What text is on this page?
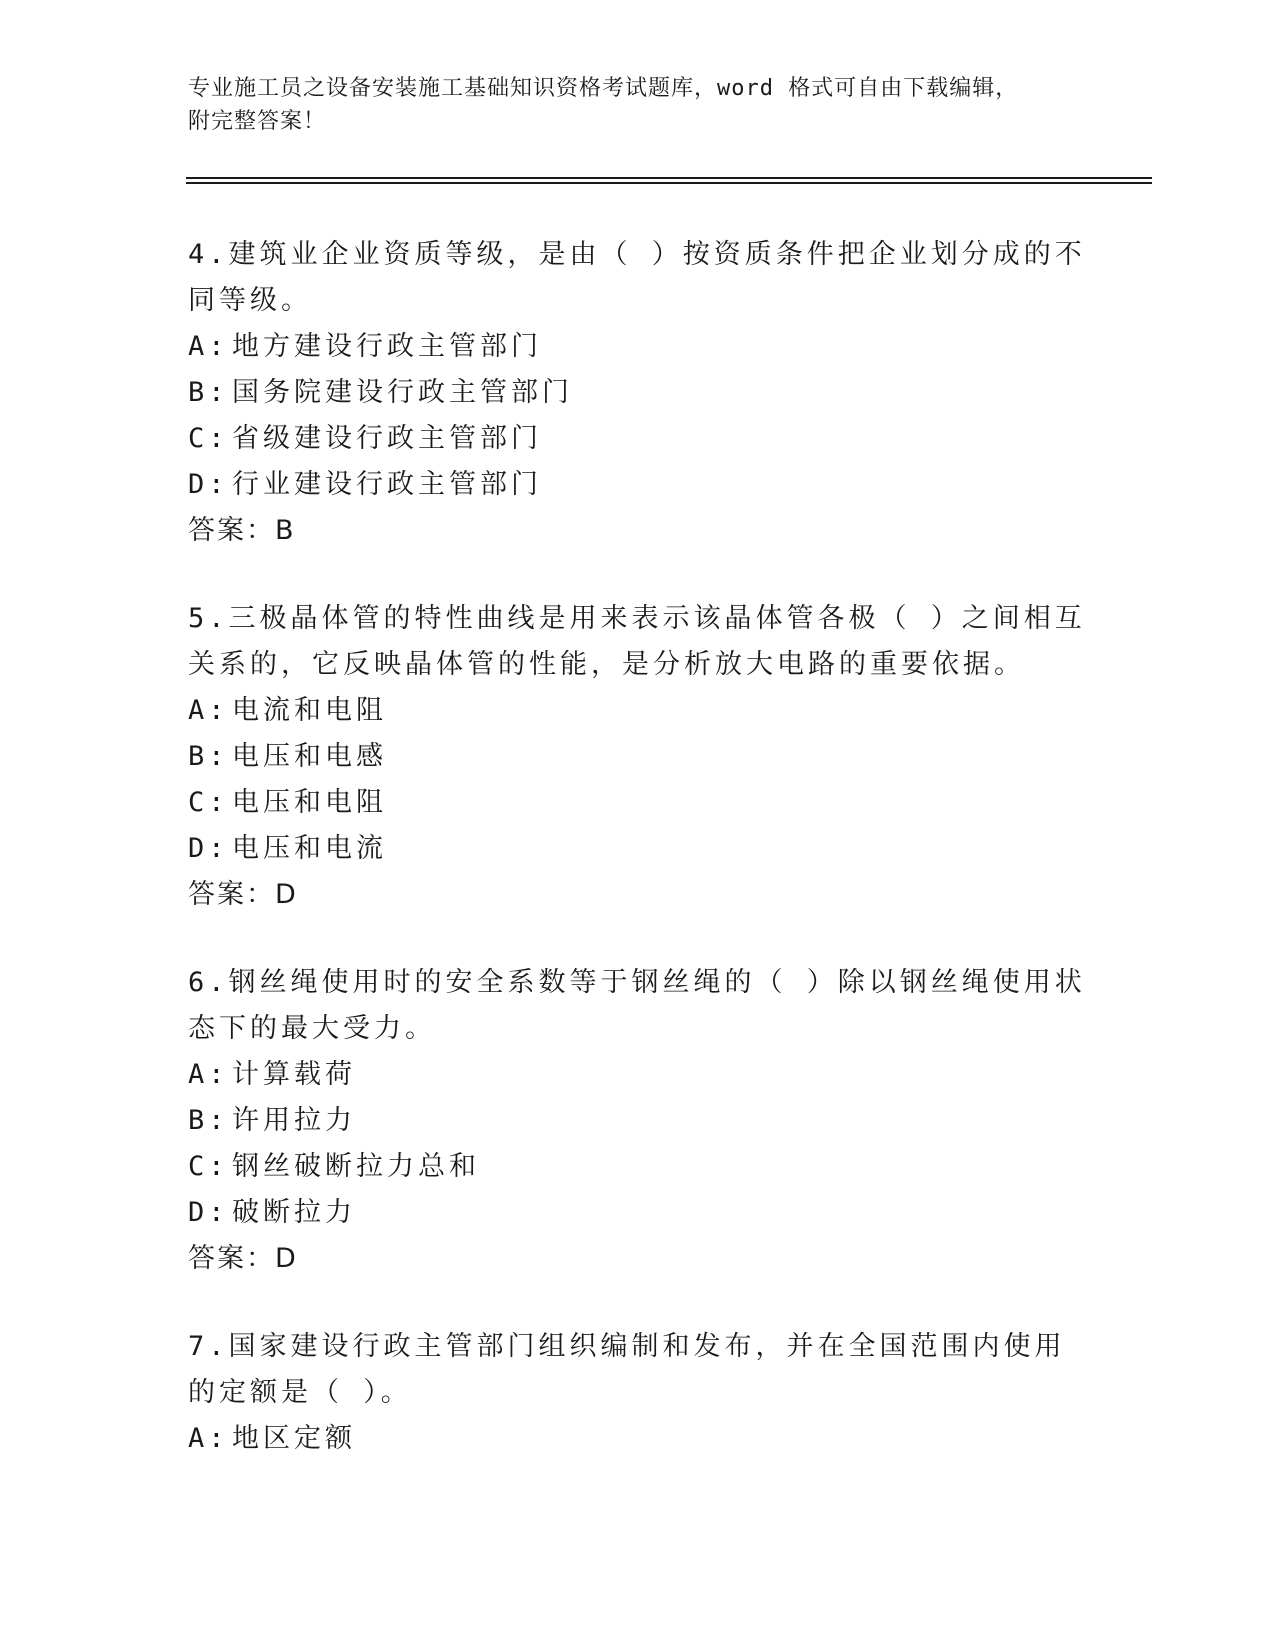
专业施工员之设备安装施工基础知识资格考试题库，word 格式可自由下载编辑，
附完整答案！
4.建筑业企业资质等级，是由（ ）按资质条件把企业划分成的不同等级。
A: 地方建设行政主管部门
B: 国务院建设行政主管部门
C: 省级建设行政主管部门
D: 行业建设行政主管部门
答案：B
5.三极晶体管的特性曲线是用来表示该晶体管各极（ ）之间相互关系的，它反映晶体管的性能，是分析放大电路的重要依据。
A: 电流和电阻
B: 电压和电感
C: 电压和电阻
D: 电压和电流
答案：D
6.钢丝绳使用时的安全系数等于钢丝绳的（ ）除以钢丝绳使用状态下的最大受力。
A: 计算载荷
B: 许用拉力
C: 钢丝破断拉力总和
D: 破断拉力
答案：D
7.国家建设行政主管部门组织编制和发布，并在全国范围内使用的定额是（ ）。
A: 地区定额
